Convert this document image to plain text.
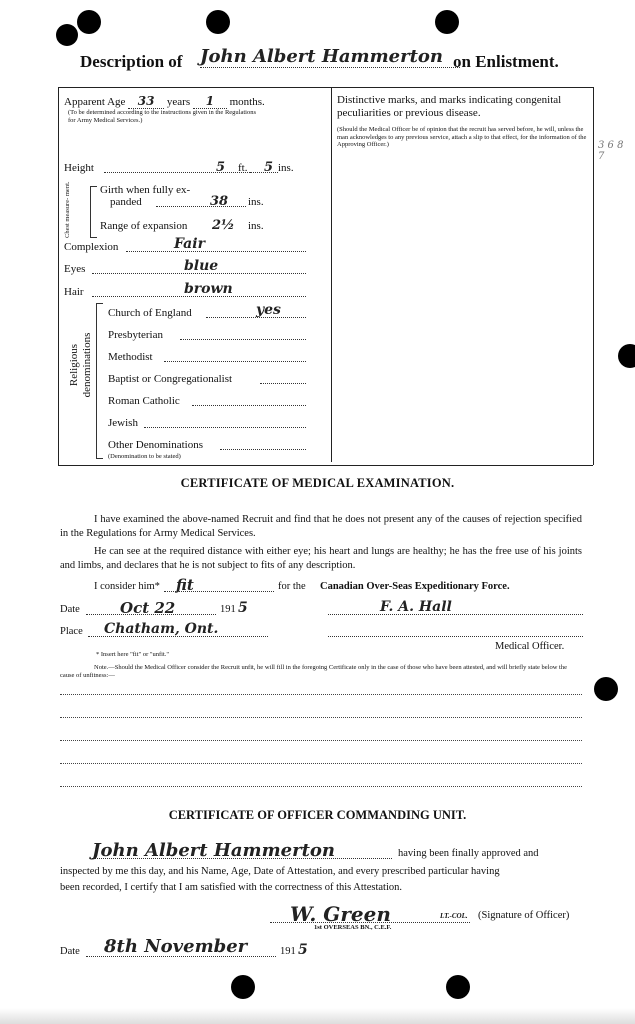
Description of John Albert Hammerton on Enlistment.
Apparent Age 33 years 1 months.
(To be determined according to the instructions given in the Regulations for Army Medical Services.)
Height	5 ft. 5 ins.
Chest measure- ment.	Girth when fully ex-
panded	38 ins.
Range of expansion 2½ ins.
Complexion	Fair
Eyes	blue
Hair	brown
Religious denominations
Church of England	yes
Presbyterian
Methodist
Baptist or Congregationalist
Roman Catholic
Jewish
Other Denominations
(Denomination to be stated)
Distinctive marks, and marks indicating congenital peculiarities or previous disease.
(Should the Medical Officer be of opinion that the recruit has served before, he will, unless the man acknowledges to any previous service, attach a slip to that effect, for the information of the Approving Officer.)	3 6 8 7
CERTIFICATE OF MEDICAL EXAMINATION.
I have examined the above-named Recruit and find that he does not present any of the causes of rejection specified in the Regulations for Army Medical Services.
He can see at the required distance with either eye; his heart and lungs are healthy; he has the free use of his joints and limbs, and declares that he is not subject to fits of any description.
I consider him* fit	for the Canadian Over-Seas Expeditionary Force.
Date	Oct 22	191 5	F. A. Hall
Place Chatham, Ont.
Medical Officer.
* Insert here "fit" or "unfit."
Note.—Should the Medical Officer consider the Recruit unfit, he will fill in the foregoing Certificate only in the case of those who have been attested, and will briefly state below the cause of unfitness:—
CERTIFICATE OF OFFICER COMMANDING UNIT.
John Albert Hammerton	having been finally approved and
inspected by me this day, and his Name, Age, Date of Attestation, and every prescribed particular having
been recorded, I certify that I am satisfied with the correctness of this Attestation.
W. Green	LT.-COL. (Signature of Officer)
1st OVERSEAS BN., C.E.F.
Date 8th November	191 5
